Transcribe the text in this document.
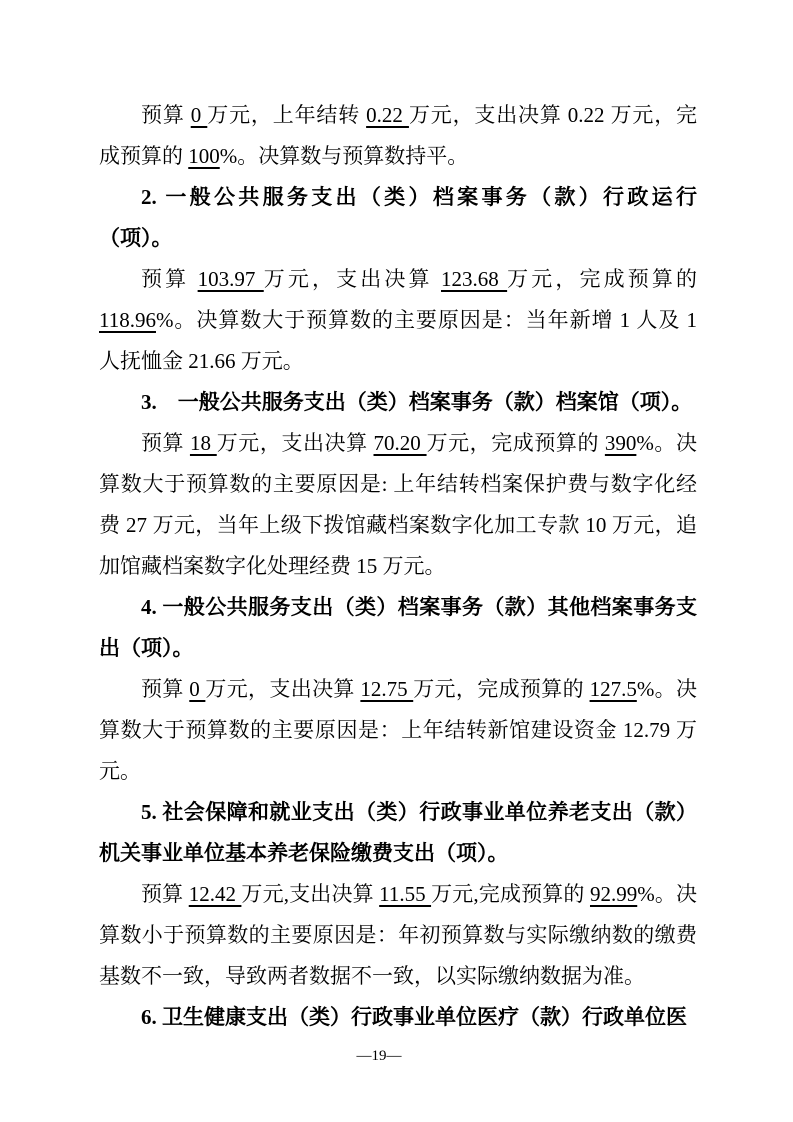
预算 0 万元，上年结转 0.22 万元，支出决算 0.22 万元，完成预算的 100%。决算数与预算数持平。

2. 一般公共服务支出（类）档案事务（款）行政运行（项）。

预算 103.97 万元，支出决算 123.68 万元，完成预算的 118.96%。决算数大于预算数的主要原因是：当年新增 1 人及 1 人抚恤金 21.66 万元。

3.　一般公共服务支出（类）档案事务（款）档案馆（项）。

预算 18 万元，支出决算 70.20 万元，完成预算的 390%。决算数大于预算数的主要原因是: 上年结转档案保护费与数字化经费 27 万元，当年上级下拨馆藏档案数字化加工专款 10 万元，追加馆藏档案数字化处理经费 15 万元。

4. 一般公共服务支出（类）档案事务（款）其他档案事务支出（项）。

预算 0 万元，支出决算 12.75 万元，完成预算的 127.5%。决算数大于预算数的主要原因是：上年结转新馆建设资金 12.79 万元。

5. 社会保障和就业支出（类）行政事业单位养老支出（款）机关事业单位基本养老保险缴费支出（项）。

预算 12.42 万元,支出决算 11.55 万元,完成预算的 92.99%。决算数小于预算数的主要原因是：年初预算数与实际缴纳数的缴费基数不一致，导致两者数据不一致，以实际缴纳数据为准。

6. 卫生健康支出（类）行政事业单位医疗（款）行政单位医

—19—
